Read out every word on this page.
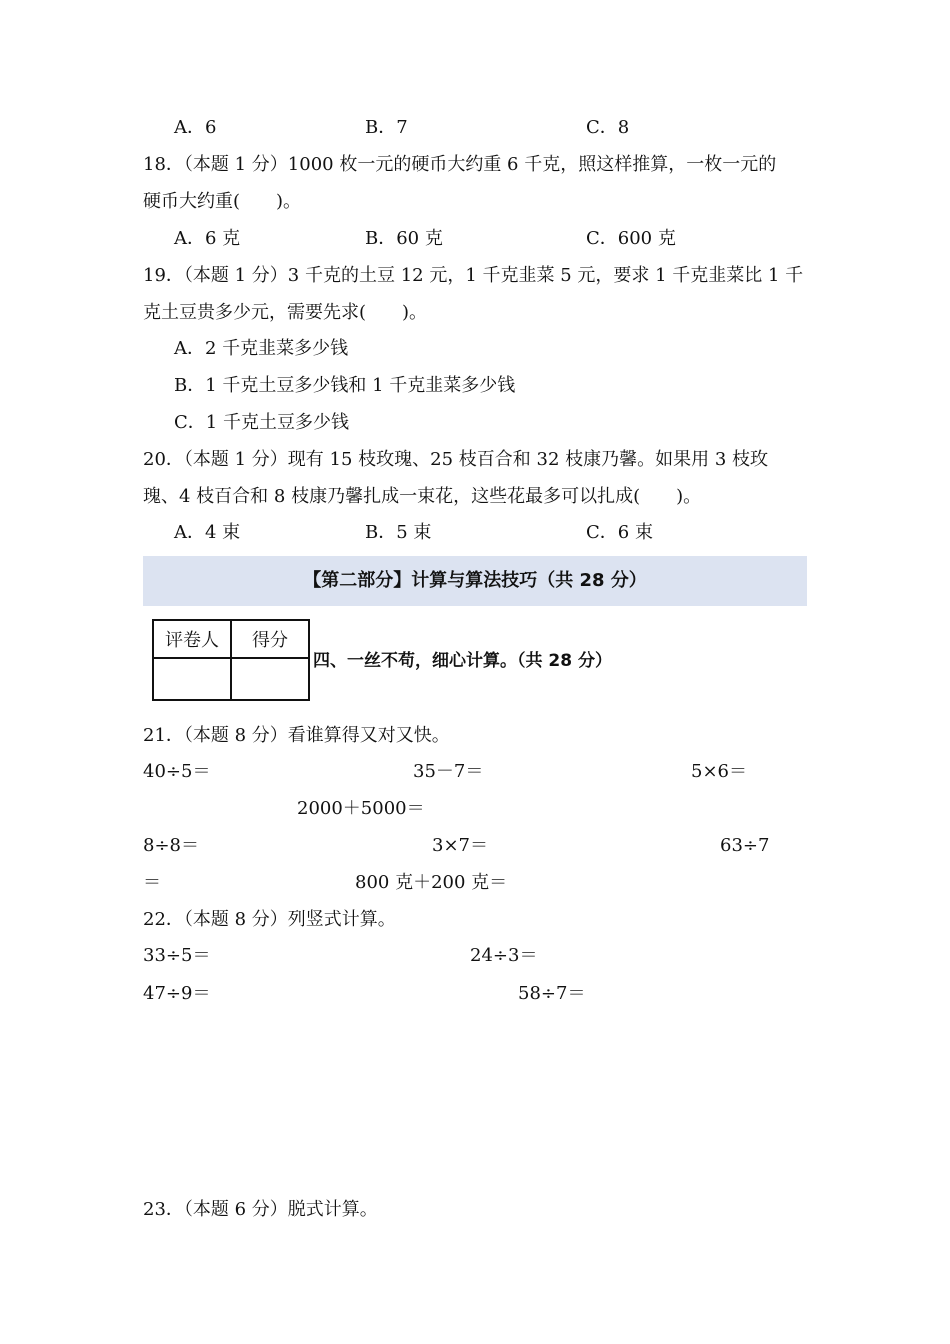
A．6	B．7	C．8
18．（本题 1 分）1000 枚一元的硬币大约重 6 千克，照这样推算，一枚一元的
硬币大约重(　　)。
A．6 克	B．60 克	C．600 克
19．（本题 1 分）3 千克的土豆 12 元，1 千克韭菜 5 元，要求 1 千克韭菜比 1 千
克土豆贵多少元，需要先求(　　)。
A．2 千克韭菜多少钱
B．1 千克土豆多少钱和 1 千克韭菜多少钱
C．1 千克土豆多少钱
20．（本题 1 分）现有 15 枝玫瑰、25 枝百合和 32 枝康乃馨。如果用 3 枝玫
瑰、4 枝百合和 8 枝康乃馨扎成一束花，这些花最多可以扎成(　　)。
A．4 束	B．5 束	C．6 束
【第二部分】计算与算法技巧（共 28 分）
评卷人	得分

四、一丝不苟，细心计算。（共 28 分）
21．（本题 8 分）看谁算得又对又快。
40÷5＝	35－7＝	5×6＝
2000＋5000＝
8÷8＝	3×7＝	63÷7
＝	800 克＋200 克＝
22．（本题 8 分）列竖式计算。
33÷5＝	24÷3＝
47÷9＝	58÷7＝
23．（本题 6 分）脱式计算。
